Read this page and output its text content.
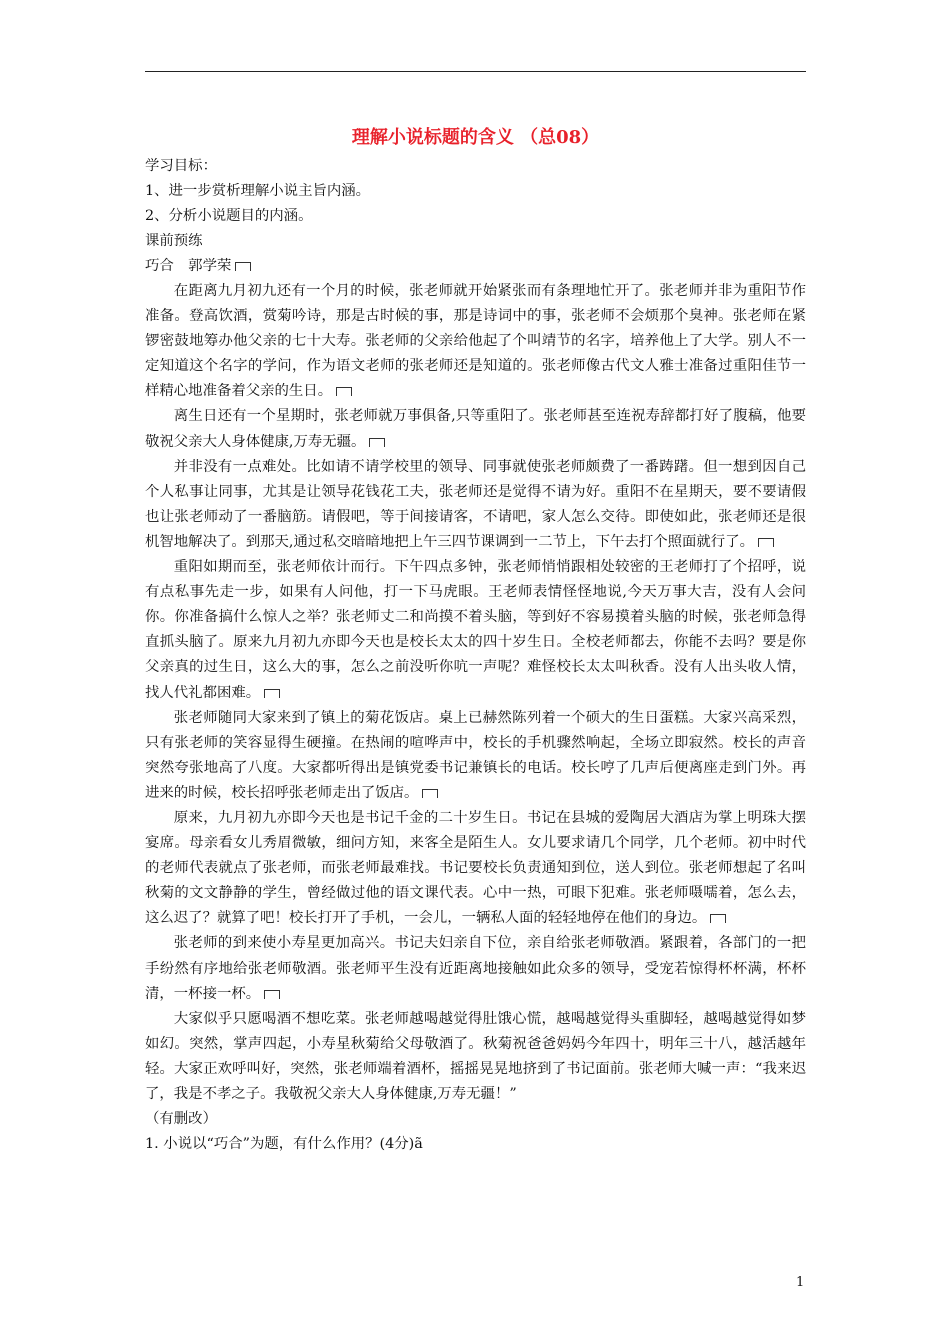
理解小说标题的含义 （总08）

学习目标：

1、进一步赏析理解小说主旨内涵。

2、分析小说题目的内涵。

课前预练

巧合　郭学荣

在距离九月初九还有一个月的时候，张老师就开始紧张而有条理地忙开了。张老师并非为重阳节作准备。登高饮酒，赏菊吟诗，那是古时候的事，那是诗词中的事，张老师不会烦那个臭神。张老师在紧锣密鼓地筹办他父亲的七十大寿。张老师的父亲给他起了个叫靖节的名字，培养他上了大学。别人不一定知道这个名字的学问，作为语文老师的张老师还是知道的。张老师像古代文人雅士准备过重阳佳节一样精心地准备着父亲的生日。

离生日还有一个星期时，张老师就万事俱备,只等重阳了。张老师甚至连祝寿辞都打好了腹稿，他要敬祝父亲大人身体健康,万寿无疆。

并非没有一点难处。比如请不请学校里的领导、同事就使张老师颇费了一番踌躇。但一想到因自己个人私事让同事，尤其是让领导花钱花工夫，张老师还是觉得不请为好。重阳不在星期天，要不要请假也让张老师动了一番脑筋。请假吧，等于间接请客，不请吧，家人怎么交待。即使如此，张老师还是很机智地解决了。到那天,通过私交暗暗地把上午三四节课调到一二节上，下午去打个照面就行了。

重阳如期而至，张老师依计而行。下午四点多钟，张老师悄悄跟相处较密的王老师打了个招呼，说有点私事先走一步，如果有人问他，打一下马虎眼。王老师表情怪怪地说,今天万事大吉，没有人会问你。你准备搞什么惊人之举？张老师丈二和尚摸不着头脑，等到好不容易摸着头脑的时候，张老师急得直抓头脑了。原来九月初九亦即今天也是校长太太的四十岁生日。全校老师都去，你能不去吗？要是你父亲真的过生日，这么大的事，怎么之前没听你吭一声呢？难怪校长太太叫秋香。没有人出头收人情，找人代礼都困难。

张老师随同大家来到了镇上的菊花饭店。桌上已赫然陈列着一个硕大的生日蛋糕。大家兴高采烈，只有张老师的笑容显得生硬撞。在热闹的喧哗声中，校长的手机骤然响起，全场立即寂然。校长的声音突然夸张地高了八度。大家都听得出是镇党委书记兼镇长的电话。校长哼了几声后便离座走到门外。再进来的时候，校长招呼张老师走出了饭店。

原来，九月初九亦即今天也是书记千金的二十岁生日。书记在县城的爱陶居大酒店为掌上明珠大摆宴席。母亲看女儿秀眉微敏，细问方知，来客全是陌生人。女儿要求请几个同学，几个老师。初中时代的老师代表就点了张老师，而张老师最难找。书记要校长负责通知到位，送人到位。张老师想起了名叫秋菊的文文静静的学生，曾经做过他的语文课代表。心中一热，可眼下犯难。张老师嗫嚅着，怎么去，这么迟了？就算了吧！校长打开了手机，一会儿，一辆私人面的轻轻地停在他们的身边。

张老师的到来使小寿星更加高兴。书记夫妇亲自下位，亲自给张老师敬酒。紧跟着，各部门的一把手纷然有序地给张老师敬酒。张老师平生没有近距离地接触如此众多的领导，受宠若惊得杯杯满，杯杯清，一杯接一杯。

大家似乎只愿喝酒不想吃菜。张老师越喝越觉得肚饿心慌，越喝越觉得头重脚轻，越喝越觉得如梦如幻。突然，掌声四起，小寿星秋菊给父母敬酒了。秋菊祝爸爸妈妈今年四十，明年三十八，越活越年轻。大家正欢呼叫好，突然，张老师端着酒杯，摇摇晃晃地挤到了书记面前。张老师大喊一声：“我来迟了，我是不孝之子。我敬祝父亲大人身体健康,万寿无疆！”

（有删改）

1. 小说以“巧合”为题，有什么作用？(4分)ã

1
